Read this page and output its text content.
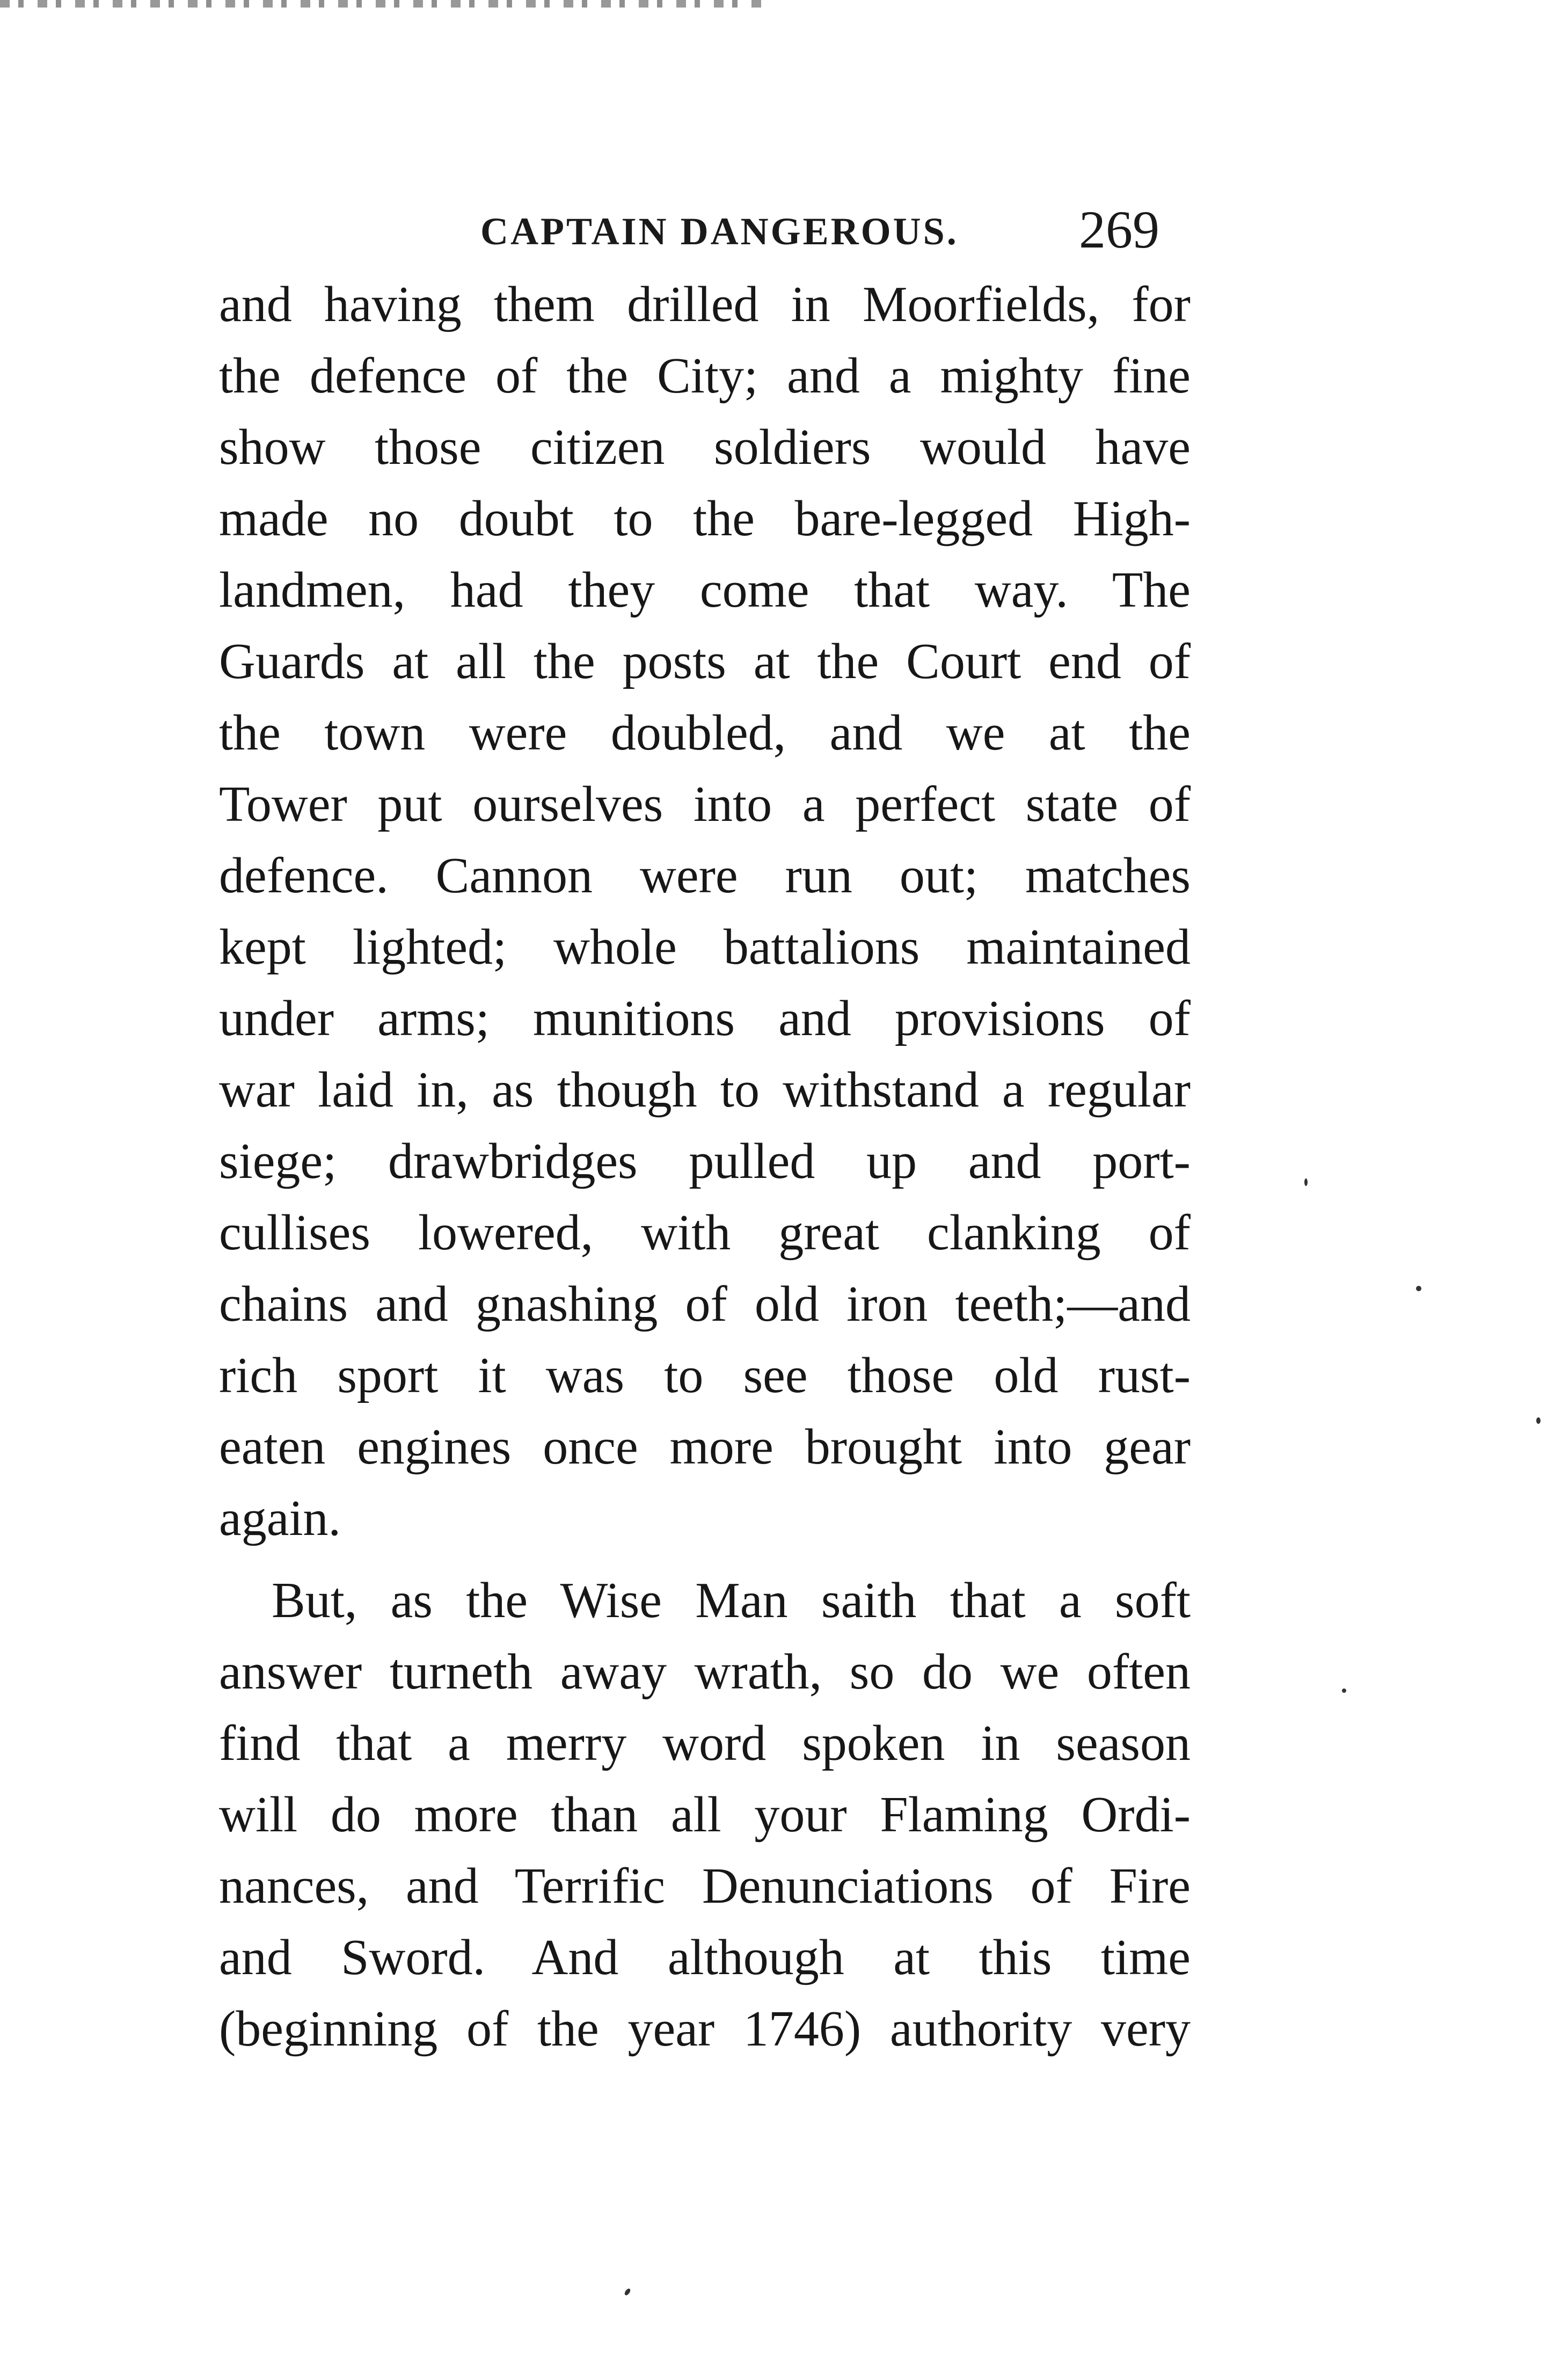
CAPTAIN DANGEROUS. 269
and having them drilled in Moorfields, for
the defence of the City; and a mighty fine
show those citizen soldiers would have
made no doubt to the bare-legged High-
landmen, had they come that way. The
Guards at all the posts at the Court end of
the town were doubled, and we at the
Tower put ourselves into a perfect state of
defence. Cannon were run out; matches
kept lighted; whole battalions maintained
under arms; munitions and provisions of
war laid in, as though to withstand a regular
siege; drawbridges pulled up and port-
cullises lowered, with great clanking of
chains and gnashing of old iron teeth;—and
rich sport it was to see those old rust-
eaten engines once more brought into gear
again.
But, as the Wise Man saith that a soft
answer turneth away wrath, so do we often
find that a merry word spoken in season
will do more than all your Flaming Ordi-
nances, and Terrific Denunciations of Fire
and Sword. And although at this time
(beginning of the year 1746) authority very
